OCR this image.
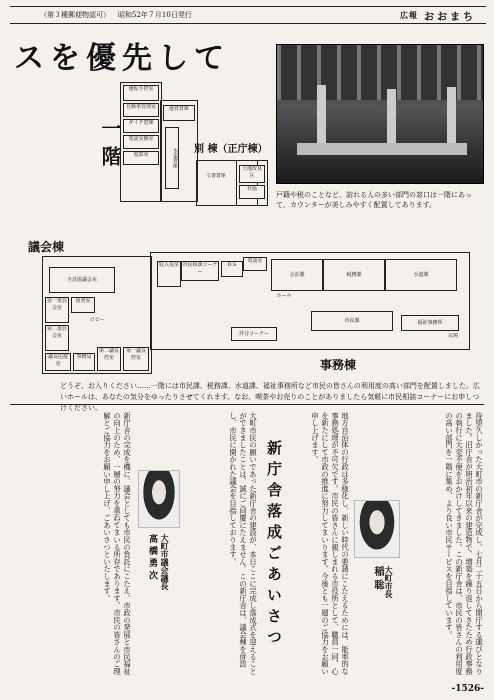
（第３種郵便物認可） 昭和52年７月10日発行	広報 おおまち
スを優先して
戸籍や税のことなど、訪れる人の多い部門の窓口は一階にあって、カウンターが美しみやすく配置してあります。
一階
運転手控室
自動車管理室
ダイチ倉庫
電話交換室
電算室
運営倉庫
水道倉庫
文書倉庫
土地改良区
社協
別 棟（正庁棟）
議会棟
全員協議会室
第一委員会室
第二委員会室
図書室
ロビー
議長応接室
事務局
第二議長控室
第一議長控室
収入役室 市民相談コーナー
D.S
電話室
会計課	税務課	水道課
ホール
市民課	福祉事務所
待合コーナー	玄関
事務棟
どうぞ、お入りください……一階には市民課、税務課、水道課、福祉事務所など市民の皆さんの利用度の高い部門を配置しました。広いホールは、あなたの気分をゆったりさせてくれます。なお、喫茶やお売りのことがありましたら気軽に市民相談コーナーにお申しつけください。
待望久しかった大町市の新庁舎が完成し、七月二十五日から開庁する運びとなりました。旧庁舎が明治初年以来の建造物で、増築を繰り返してきたため行政事務の執行に大変不便をおかけしてきました。この新庁舎は、市民の皆さんの利用度の高い部門を一階に集め、より良い市民サービスを目指しています。
大町市長
稲 聡
地方自治体の行政は多様化し、新しい時代の要請にこたえるためには、能率的な事務処理が不可欠です。市民の皆さんに親しまれる市役所として、職員一同、心を新たにして市政の推進に努力してまいります。今後とも一層のご協力をお願い申し上げます。
新庁舎落成ごあいさつ
大町市民の願いであった新庁舎の建設が、本日ここに完成し落成式を迎えることができましたことは、誠にご同慶にたえません。この新庁舎は、議会棟を併設し、市民に開かれた議会を目指しております。
大町市議会議長
高 橋 勇 次
新庁舎の完成を機に、議会としても市民の負託にこたえ、市政の発展と市民福祉の向上のため、一層の努力を重ねてまいる所存であります。市民の皆さんのご理解とご協力をお願い申し上げ、ごあいさつといたします。
-1526-
